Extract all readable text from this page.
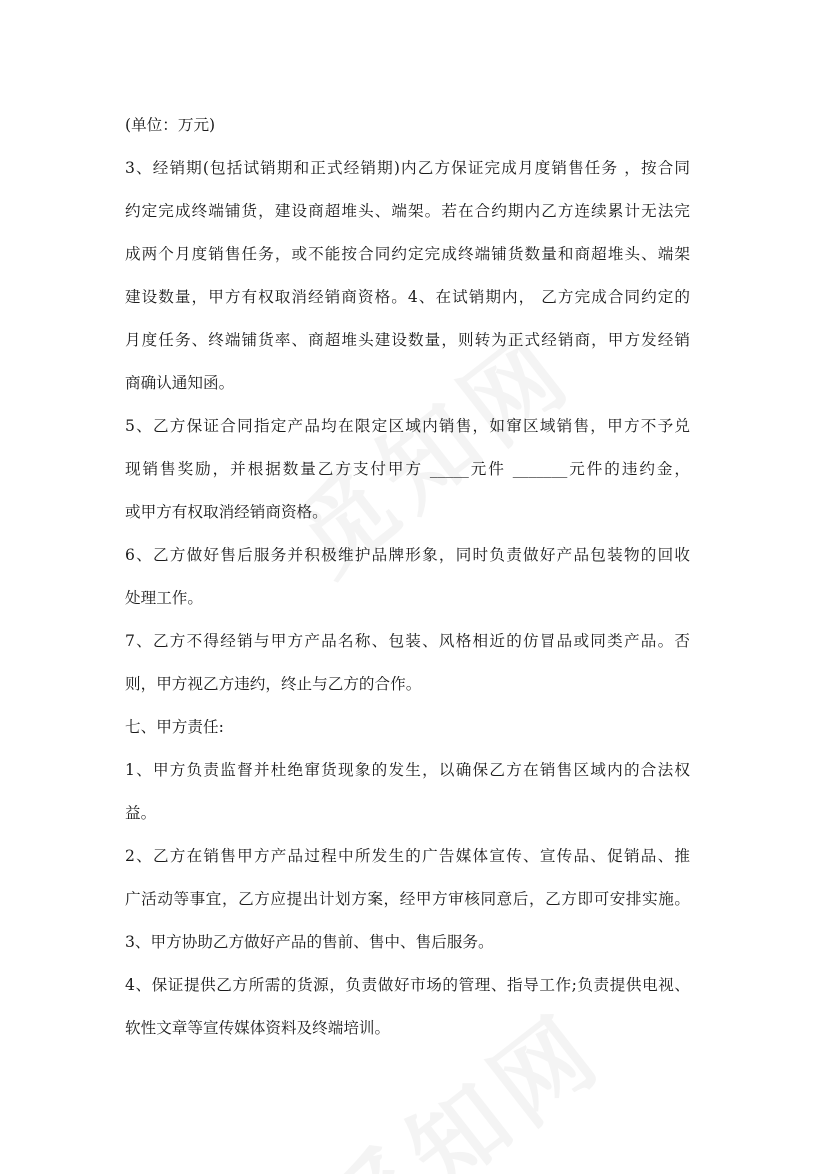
(单位：万元)
3、经销期(包括试销期和正式经销期)内乙方保证完成月度销售任务 ，按合同
约定完成终端铺货，建设商超堆头、端架。若在合约期内乙方连续累计无法完
成两个月度销售任务，或不能按合同约定完成终端铺货数量和商超堆头、端架
建设数量，甲方有权取消经销商资格。4、在试销期内， 乙方完成合同约定的
月度任务、终端铺货率、商超堆头建设数量，则转为正式经销商，甲方发经销
商确认通知函。
5、乙方保证合同指定产品均在限定区域内销售，如窜区域销售，甲方不予兑
现销售奖励，并根据数量乙方支付甲方 _____元件 _______元件的违约金，
或甲方有权取消经销商资格。
6、乙方做好售后服务并积极维护品牌形象，同时负责做好产品包装物的回收
处理工作。
7、乙方不得经销与甲方产品名称、包装、风格相近的仿冒品或同类产品。否
则，甲方视乙方违约，终止与乙方的合作。
七、甲方责任:
1、甲方负责监督并杜绝窜货现象的发生，以确保乙方在销售区域内的合法权
益。
2、乙方在销售甲方产品过程中所发生的广告媒体宣传、宣传品、促销品、推
广活动等事宜，乙方应提出计划方案，经甲方审核同意后，乙方即可安排实施。
3、甲方协助乙方做好产品的售前、售中、售后服务。
4、保证提供乙方所需的货源，负责做好市场的管理、指导工作;负责提供电视、
软性文章等宣传媒体资料及终端培训。
